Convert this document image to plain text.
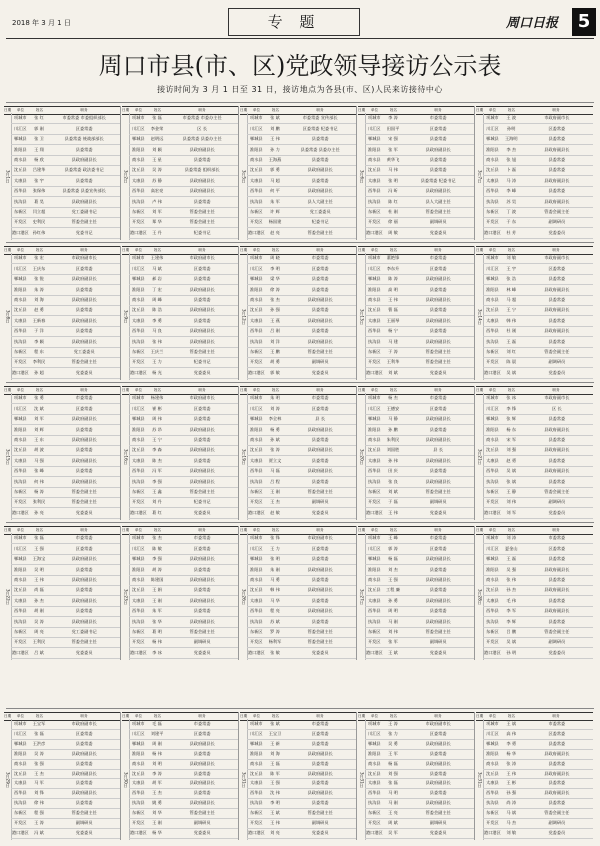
2018 年 3 月 1 日	专 题	周口日报	5
周口市县(市、区)党政领导接访公示表
接访时间为 3 月 1 日至 31 日，接访地点为各县(市、区)人民来访接待中心
日期 单位	姓名	职务
3月1日
项城市	张 红	市委常委 市委组织部长
川汇区	郭 刚	区委常委
郸城县	张 卫	县委常委 统战部部长
淮阳县	王 翔	县委常委
商水县	杨 欣	县政府副县长
沈丘县	吕建华	县委常委 政法委书记
太康县	张 宇	县委常委
西华县	张保伟	县委常委 县委宣传部长
扶沟县	葛 昊	县政府副县长
东新区	闫立超	党工委副书记
开发区	史利民	管委会副主任
港口港区 孙红伟	党委书记
日期 单位	姓名	职务
3月2日
项城市	张 磊	市委常委 市委办主任
川汇区	李金荣	区 长
郸城县	赵明远	县委常委 县委办主任
淮阳县	刘 颖	县政府副县长
商水县	王 星	县委常委
沈丘县	吴 涛	县委常委 组织部长
太康县	苏 静	县政府副县长
西华县	高宏亮	县政府副县长
扶沟县	卢 伟	县委常委
东新区	刘 军	管委会副主任
开发区	郑 华	管委会副主任
港口港区	王 丹	纪委书记
日期 单位	姓名	职务
3月5日
项城市	张 斌	市委常委 宣传部长
川汇区	刘 鹏	区委常委 纪委书记
郸城县	王 伟	县委常委
淮阳县	孙 力	县委常委 县委办主任
商水县	王海燕	县委常委
沈丘县	郭 勇	县政府副县长
太康县	马 超	县委常委
西华县	何 平	县政府副县长
扶沟县	朱 军	县人大副主任
东新区	许 辉	党工委委员
开发区	杨国建	纪委书记
港口港区	赵 亮	管委会副主任
日期 单位	姓名	职务
3月6日
项城市	李 涛	市委常委
川汇区	田国平	区委常委
郸城县	宋 强	县委常委
淮阳县	张 军	县政府副县长
商水县	黄华飞	县委常委
沈丘县	马 伟	县委常委
太康县	张 明	县委常委 纪委书记
西华县	冯 昕	县政府副县长
扶沟县	陈 红	县人大副主任
东新区	杜 刚	管委会副主任
开发区	徐 丽	副调研员
港口港区	周 敏	党委委员
日期 单位	姓名	职务
3月7日
项城市	王 波	市政府副市长
川汇区	孙明	区委常委
郸城县	王海明	县委常委
淮阳县	李 杰	县政府副县长
商水县	张 旭	县委常委
沈丘县	卜 磊	县委常委
太康县	马 涛	县政府副县长
西华县	李 峰	县委常委
扶沟县	苏 昊	县政府副县长
东新区	丁 波	管委会副主任
开发区	于 东	副调研员
港口港区	杜 芳	党委委员
日期 单位	姓名	职务
3月8日
项城市	张 宏	市政府副市长
川汇区	王庆东	区委常委
郸城县	张 锐	县政府副县长
淮阳县	朱 涛	县委常委
商水县	刘 海	县政府副县长
沈丘县	赵 勇	县委常委
太康县	王新春	县政府副县长
西华县	于 洋	县委常委
扶沟县	李 颖	县政府副县长
东新区	程 东	党工委委员
开发区	李利民	管委会副主任
港口港区	孙 超	党委委员
日期 单位	姓名	职务
3月9日
项城市	王建伟	市政府副市长
川汇区	马 斌	区委常委
郸城县	郝 岩	县委常委
淮阳县	丁 宏	县政府副县长
商水县	周 峰	县委常委
沈丘县	陈 浩	县政府副县长
太康县	李 勇	县委常委
西华县	马 良	县政府副县长
扶沟县	张 伟	县政府副县长
东新区	王庆兰	管委会副主任
开发区	王 力	纪委书记
港口港区	杨 光	党委委员
日期 单位	姓名	职务
3月12日
项城市	周 晓	市委常委
川汇区	李 明	区委常委
郸城县	梁 华	县委常委
淮阳县	徐 涛	县委常委
商水县	张 杰	县政府副县长
沈丘县	孙 强	县委常委
太康县	王 燕	县政府副县长
西华县	吕 刚	县委常委
扶沟县	刘 洋	县政府副县长
东新区	王 鹏	管委会副主任
开发区	胡 勇	副调研员
港口港区	郭 敏	党委委员
日期 单位	姓名	职务
3月13日
项城市	董艳锋	市委常委
川汇区	李东升	区委常委
郸城县	陈 涛	县政府副县长
淮阳县	高 明	县委常委
商水县	王 伟	县政府副县长
沈丘县	曹 磊	县委常委
太康县	王丽琴	县政府副县长
西华县	杨 宁	县委常委
扶沟县	马 建	县政府副县长
东新区	于 涛	管委会副主任
开发区	王利华	管委会副主任
港口港区	刘 斌	党委委员
日期 单位	姓名	职务
3月14日
项城市	刘 敏	市政府副市长
川汇区	王 宇	区委常委
郸城县	张 浩	县委常委
淮阳县	林 峰	县政府副县长
商水县	马 超	县委常委
沈丘县	王 宁	县政府副县长
太康县	韩 伟	县委常委
西华县	杜 刚	县政府副县长
扶沟县	王 磊	县委常委
东新区	刘 红	管委会副主任
开发区	陈 晨	副调研员
港口港区	吴 斌	党委委员
日期 单位	姓名	职务
3月15日
项城市	张 勇	市委常委
川汇区	沈 斌	区委常委
郸城县	刘 军	县政府副县长
淮阳县	刘 辉	县委常委
商水县	王 东	县政府副县长
沈丘县	胡 波	县委常委
太康县	马 强	县政府副县长
西华县	张 峰	县委常委
扶沟县	何 伟	县政府副县长
东新区	杨 涛	管委会副主任
开发区	张利民	管委会副主任
港口港区	孙 亮	党委委员
日期 单位	姓名	职务
3月16日
项城市	杨建伟	市政府副市长
川汇区	崔 彬	区委常委
郸城县	周 伟	县委常委
淮阳县	苏 昂	县政府副县长
商水县	王 宁	县委常委
沈丘县	李 森	县政府副县长
太康县	陈 杰	县委常委
西华县	冯 军	县政府副县长
扶沟县	李 强	县政府副县长
东新区	王 鑫	管委会副主任
开发区	刘 丹	纪委书记
港口港区	葛 红	党委委员
日期 单位	姓名	职务
3月19日
项城市	朱 明	市委常委
川汇区	刘 涛	区委常委
郸城县	李全林	县 长
淮阳县	杨 勇	县政府副县长
商水县	孙 斌	县委常委
沈丘县	张 涛	县政府副县长
太康县	贾立文	县委常委
西华县	马 磊	县政府副县长
扶沟县	吕 程	县委常委
东新区	王 刚	管委会副主任
开发区	王 杰	副调研员
港口港区	赵 敏	党委委员
日期 单位	姓名	职务
3月20日
项城市	杨 杰	市委常委
川汇区	王德安	区委常委
郸城县	马 静	县政府副县长
淮阳县	孙 鹏	县委常委
商水县	朱利民	县政府副县长
沈丘县	刘国胜	县 长
太康县	孙 伟	县政府副县长
西华县	田 庆	县委常委
扶沟县	张 良	县政府副县长
东新区	刘 斌	管委会副主任
开发区	于 磊	副调研员
港口港区	王 伟	党委委员
日期 单位	姓名	职务
3月21日
项城市	张 冰	市政府副市长
川汇区	李 锋	区 长
郸城县	张 辉	县委常委
淮阳县	杨 东	县政府副县长
商水县	宋 军	县委常委
沈丘县	刘 强	县政府副县长
太康县	赵 勇	县委常委
西华县	吴 斌	县政府副县长
扶沟县	张 斌	县委常委
东新区	王 静	管委会副主任
开发区	刘 伟	副调研员
港口港区	刘 军	党委委员
日期 单位	姓名	职务
3月22日
项城市	张 磊	市委常委
川汇区	王 强	区委常委
郸城县	王海宝	县政府副县长
淮阳县	吴 明	县委常委
商水县	王 伟	县政府副县长
沈丘县	尚 磊	县委常委
太康县	孙 杰	县政府副县长
西华县	胡 刚	县委常委
扶沟县	吴 涛	县政府副县长
东新区	周 亮	党工委副书记
开发区	王利民	管委会副主任
港口港区	吕 斌	党委委员
日期 单位	姓名	职务
3月23日
项城市	张 杰	市委常委
川汇区	陈 敏	区委常委
郸城县	李 强	县政府副县长
淮阳县	胡 涛	县委常委
商水县	陈建国	县政府副县长
沈丘县	王 娟	县委常委
太康县	王 刚	县政府副县长
西华县	朱 军	县委常委
扶沟县	张 华	县政府副县长
东新区	葛 明	管委会副主任
开发区	杨 伟	副调研员
港口港区	李 冰	党委委员
日期 单位	姓名	职务
3月26日
项城市	张 锋	市政府副市长
川汇区	王 力	区委常委
郸城县	张 明	县委常委
淮阳县	朱 刚	县政府副县长
商水县	马 勇	县委常委
沈丘县	韩 伟	县政府副县长
太康县	马 华	县委常委
西华县	程 亮	县政府副县长
扶沟县	苏 斌	县委常委
东新区	罗 涛	管委会副主任
开发区	杨利军	管委会副主任
港口港区	张 敏	党委委员
日期 单位	姓名	职务
3月27日
项城市	王 峰	市委常委
川汇区	郭 涛	区委常委
郸城县	杨 磊	县政府副县长
淮阳县	刘 杰	县委常委
商水县	王 强	县政府副县长
沈丘县	工程 廉	县委常委
太康县	孙 勇	县政府副县长
西华县	周 明	县委常委
扶沟县	马 刚	县政府副县长
东新区	刘 伟	管委会副主任
开发区	张 军	副调研员
港口港区	王 斌	党委委员
日期 单位	姓名	职务
3月28日
项城市	刘 涛	市委常委
川汇区	夏金山	区委常委
郸城县	王 磊	县委常委
淮阳县	吴 强	县政府副县长
商水县	张 伟	县委常委
沈丘县	孙 杰	县政府副县长
太康县	毛 伟	县委常委
西华县	李 军	县政府副县长
扶沟县	李 辉	县委常委
东新区	吕 鹏	管委会副主任
开发区	吴 斌	副调研员
港口港区	孙 明	党委委员
日期 单位	姓名	职务
3月29日
项城市	王宝军	市政府副市长
川汇区	张 磊	区委常委
郸城县	王洪彦	县委常委
淮阳县	吴 涛	县政府副县长
商水县	张 强	县委常委
沈丘县	王 杰	县政府副县长
太康县	马 军	县委常委
西华县	刘 锋	县政府副县长
扶沟县	徐 伟	县委常委
东新区	程 强	管委会副主任
开发区	王 涛	副调研员
港口港区	冯 斌	党委委员
日期 单位	姓名	职务
3月30日
项城市	毛 磊	市委常委
川汇区	刘建平	区委常委
郸城县	周 刚	县政府副县长
淮阳县	杨 伟	县委常委
商水县	刘 明	县政府副县长
沈丘县	李 涛	县委常委
太康县	胡 军	县政府副县长
西华县	王 杰	县委常委
扶沟县	姚 勇	县政府副县长
东新区	刘 华	管委会副主任
开发区	王 刚	副调研员
港口港区	杨 华	党委委员
日期 单位	姓名	职务
3月31日
项城市	张 斌	市委常委
川汇区	王宝卫	区委常委
郸城县	王 新	县委常委
淮阳县	刘 海	县政府副县长
商水县	王 磊	县委常委
沈丘县	陈 军	县政府副县长
太康县	王 强	县委常委
西华县	沈 伟	县政府副县长
扶沟县	李 明	县委常委
东新区	王 斌	管委会副主任
开发区	王 伟	副调研员
港口港区	刘 亮	党委委员
日期 单位	姓名	职务
3月31日
项城市	王 涛	市政府副市长
川汇区	张 力	区委常委
郸城县	吴 勇	县政府副县长
淮阳县	王 军	县委常委
商水县	杨 磊	县政府副县长
沈丘县	刘 强	县委常委
太康县	张 磊	县政府副县长
西华县	马 明	县委常委
扶沟县	马 刚	县政府副县长
东新区	王 亮	管委会副主任
开发区	周 斌	副调研员
港口港区	吴 军	党委委员
日期 单位	姓名	职务
3月31日
项城市	王 斌	市委常委
川汇区	高 伟	区委常委
郸城县	李 勇	县委常委
淮阳县	杨 华	县政府副县长
商水县	张 涛	县委常委
沈丘县	王 伟	县政府副县长
太康县	王 彬	县委常委
西华县	孙 强	县政府副县长
扶沟县	尚 涛	县委常委
东新区	马 斌	管委会副主任
开发区	马 杰	副调研员
港口港区	刘 敏	党委委员
